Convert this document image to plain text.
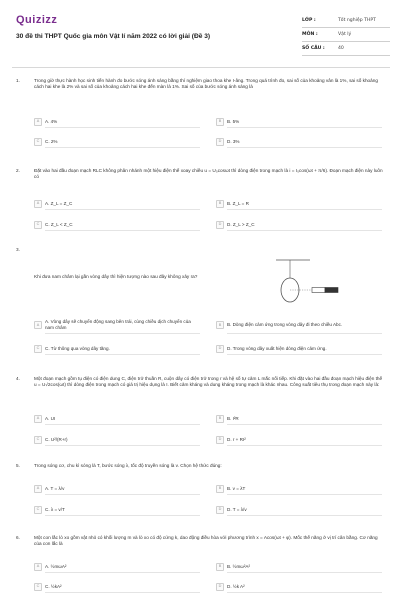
Quizizz
30 đề thi THPT Quốc gia môn Vật lí năm 2022 có lời giải (Đề 3)
LỚP :	Tốt nghiệp THPT
MÔN :	Vật lý
SỐ CÂU :	40
1.	Trong giờ thực hành học sinh tiến hành đo bước sóng ánh sáng bằng thí nghiệm giao thoa khe I-âng. Trong quá trình đo, sai số của khoảng vân là 1%, sai số khoảng cách hai khe là 2% và sai số của khoảng cách hai khe đến màn là 1%. Sai số của bước sóng ánh sáng là
A	A. 4%	B	B. 5%
C	C. 2%	D	D. 3%
2.	Đặt vào hai đầu đoạn mạch RLC không phân nhánh một hiệu điện thế xoay chiều u = U₀cosωt thì dòng điện trong mạch là i = I₀cos(ωt + π/6). Đoạn mạch điện này luôn có
A	A. Z_L = Z_C	B	B. Z_L = R
C	C. Z_L < Z_C	D	D. Z_L > Z_C
3.
Khi đưa nam châm lại gần vòng dây thì hiện tượng nào sau đây không xảy ra?
A
A. Vòng dây sẽ chuyển động sang bên trái, cùng chiều dịch chuyển của nam châm
B	B. Dòng điện cảm ứng trong vòng dây đi theo chiều Abc.
C	C. Từ thông qua vòng dây tăng.	D	D. Trong vòng dây xuất hiện dòng điện cảm ứng.
4.	Một đoạn mạch gồm tụ điện có điện dung C, điện trở thuần R, cuộn dây có điện trở trong r và hệ số tự cảm L mắc nối tiếp. Khi đặt vào hai đầu đoạn mạch hiệu điện thế u = U√2cos(ωt) thì dòng điện trong mạch có giá trị hiệu dụng là I. Biết cảm kháng và dung kháng trong mạch là khác nhau. Công suất tiêu thụ trong đoạn mạch này là:
A	A. UI	B	B. I²R
C	C. U²/(R+r)	D	D. r + RI²
5.	Trong sóng cơ, chu kì sóng là T, bước sóng λ, tốc độ truyền sóng là v. Chọn hệ thức đúng:
A	A. T = λ/v	B	B. v = λT
C	C. λ = v/T	D	D. T = λ/v
6.	Một con lắc lò xo gồm vật nhỏ có khối lượng m và lò xo có độ cứng k, dao động điều hòa với phương trình x = Acos(ωt + φ). Mốc thế năng ở vị trí cân bằng. Cơ năng của con lắc là
A	A. ½mωA²	B	B. ½mω²A²
C	C. ½kA²	D	D. ½k A²
